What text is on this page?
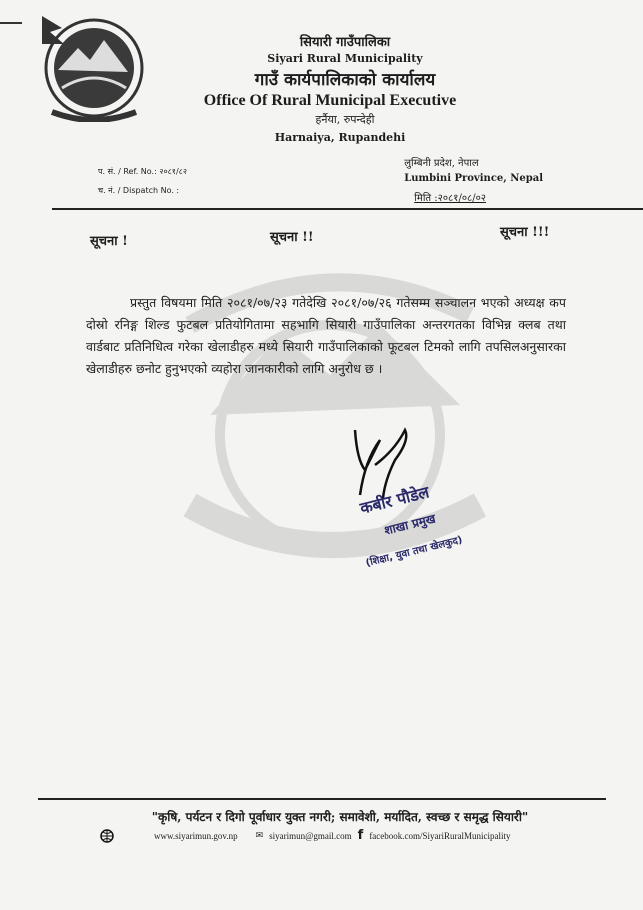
सियारी गाउँपालिका
Siyari Rural Municipality
गाउँ कार्यपालिकाको कार्यालय
Office Of Rural Municipal Executive
हर्नैया, रुपन्देही
Harnaiya, Rupandehi
प. सं. / Ref. No.: २०८१/८२
च. नं. / Dispatch No. :
लुम्बिनी प्रदेश, नेपाल
Lumbini Province, Nepal
मिति :२०८१/०८/०२
सूचना !	सूचना !!	सूचना !!!
प्रस्तुत विषयमा मिति २०८१/०७/२३ गतेदेखि २०८१/०७/२६ गतेसम्म सञ्चालन भएको अध्यक्ष कप दोस्रो रनिङ्ग शिल्ड फुटबल प्रतियोगितामा सहभागि सियारी गाउँपालिका अन्तरगतका विभिन्न क्लब तथा वार्डबाट प्रतिनिधित्व गरेका खेलाडीहरु मध्ये सियारी गाउँपालिकाको फूटबल टिमको लागि तपसिलअनुसारका खेलाडीहरु छनोट हुनुभएको व्यहोरा जानकारीको लागि अनुरोध छ ।
कबीर पौडेल
शाखा प्रमुख
(शिक्षा, युवा तथा खेलकुद)
"कृषि, पर्यटन र दिगो पूर्वाधार युक्त नगरी; समावेशी, मर्यादित, स्वच्छ र समृद्ध सियारी"
www.siyarimun.gov.np ✉ siyarimun@gmail.com f facebook.com/SiyariRuralMunicipality
